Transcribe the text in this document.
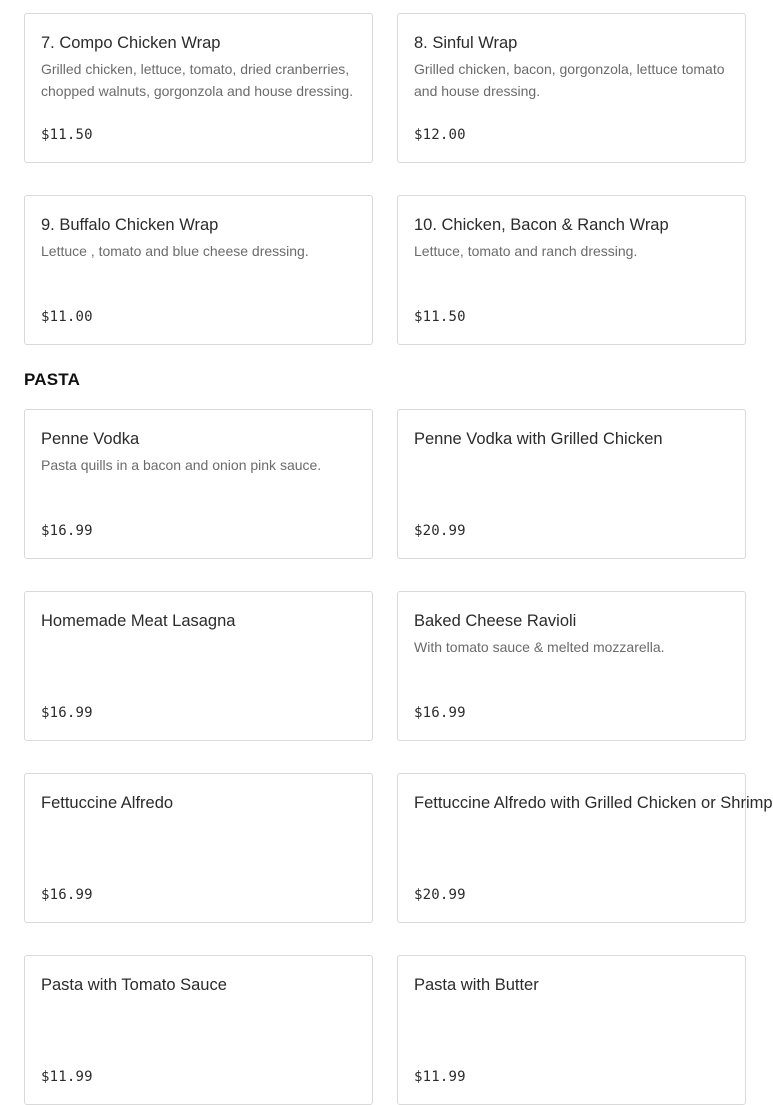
7. Compo Chicken Wrap
Grilled chicken, lettuce, tomato, dried cranberries, chopped walnuts, gorgonzola and house dressing.
$11.50
8. Sinful Wrap
Grilled chicken, bacon, gorgonzola, lettuce tomato and house dressing.
$12.00
9. Buffalo Chicken Wrap
Lettuce , tomato and blue cheese dressing.
$11.00
10. Chicken, Bacon & Ranch Wrap
Lettuce, tomato and ranch dressing.
$11.50
PASTA
Penne Vodka
Pasta quills in a bacon and onion pink sauce.
$16.99
Penne Vodka with Grilled Chicken
$20.99
Homemade Meat Lasagna
$16.99
Baked Cheese Ravioli
With tomato sauce & melted mozzarella.
$16.99
Fettuccine Alfredo
$16.99
Fettuccine Alfredo with Grilled Chicken or Shrimp
$20.99
Pasta with Tomato Sauce
$11.99
Pasta with Butter
$11.99
